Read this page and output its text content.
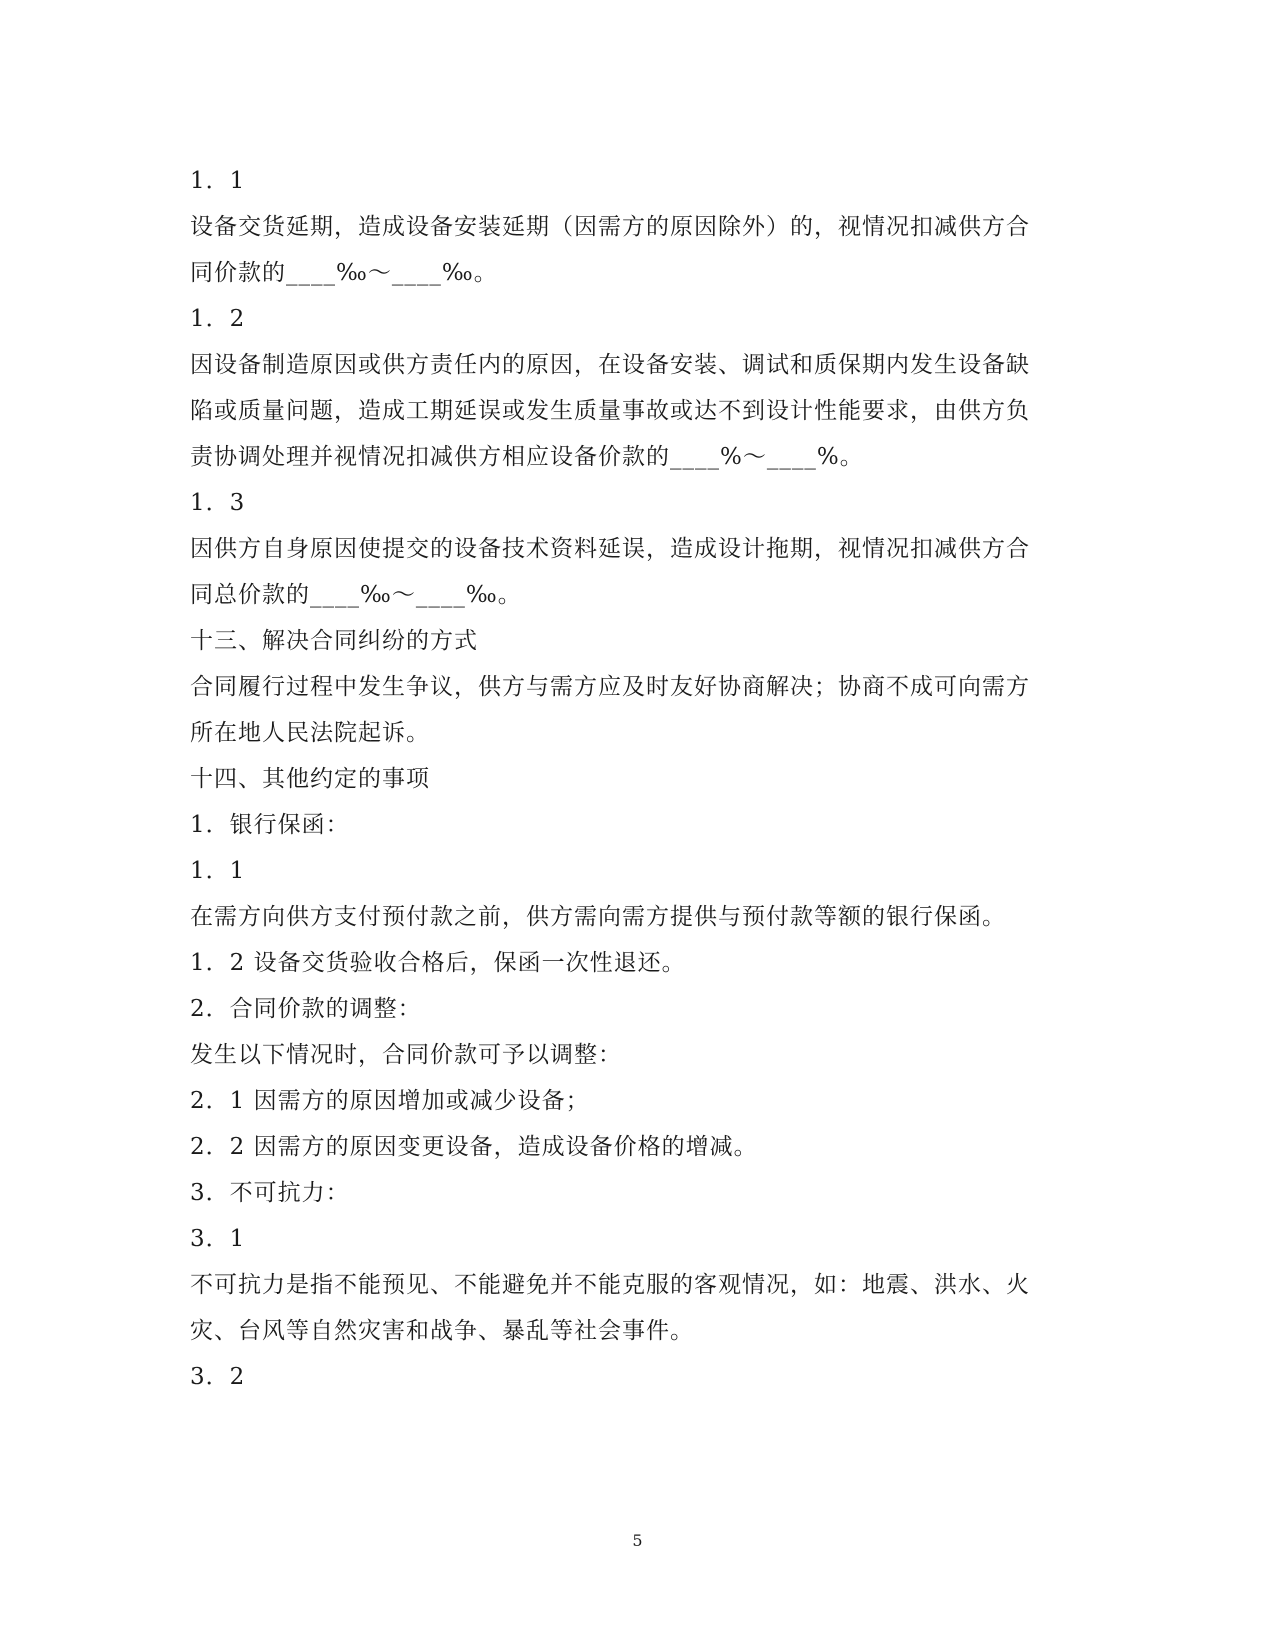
1．1
设备交货延期，造成设备安装延期（因需方的原因除外）的，视情况扣减供方合
同价款的____‰～____‰。
1．2
因设备制造原因或供方责任内的原因，在设备安装、调试和质保期内发生设备缺
陷或质量问题，造成工期延误或发生质量事故或达不到设计性能要求，由供方负
责协调处理并视情况扣减供方相应设备价款的____%～____%。
1．3
因供方自身原因使提交的设备技术资料延误，造成设计拖期，视情况扣减供方合
同总价款的____‰～____‰。
十三、解决合同纠纷的方式
合同履行过程中发生争议，供方与需方应及时友好协商解决；协商不成可向需方
所在地人民法院起诉。
十四、其他约定的事项
1．银行保函：
1．1
在需方向供方支付预付款之前，供方需向需方提供与预付款等额的银行保函。
1．2 设备交货验收合格后，保函一次性退还。
2．合同价款的调整：
发生以下情况时，合同价款可予以调整：
2．1 因需方的原因增加或减少设备；
2．2 因需方的原因变更设备，造成设备价格的增减。
3．不可抗力：
3．1
不可抗力是指不能预见、不能避免并不能克服的客观情况，如：地震、洪水、火
灾、台风等自然灾害和战争、暴乱等社会事件。
3．2
5
